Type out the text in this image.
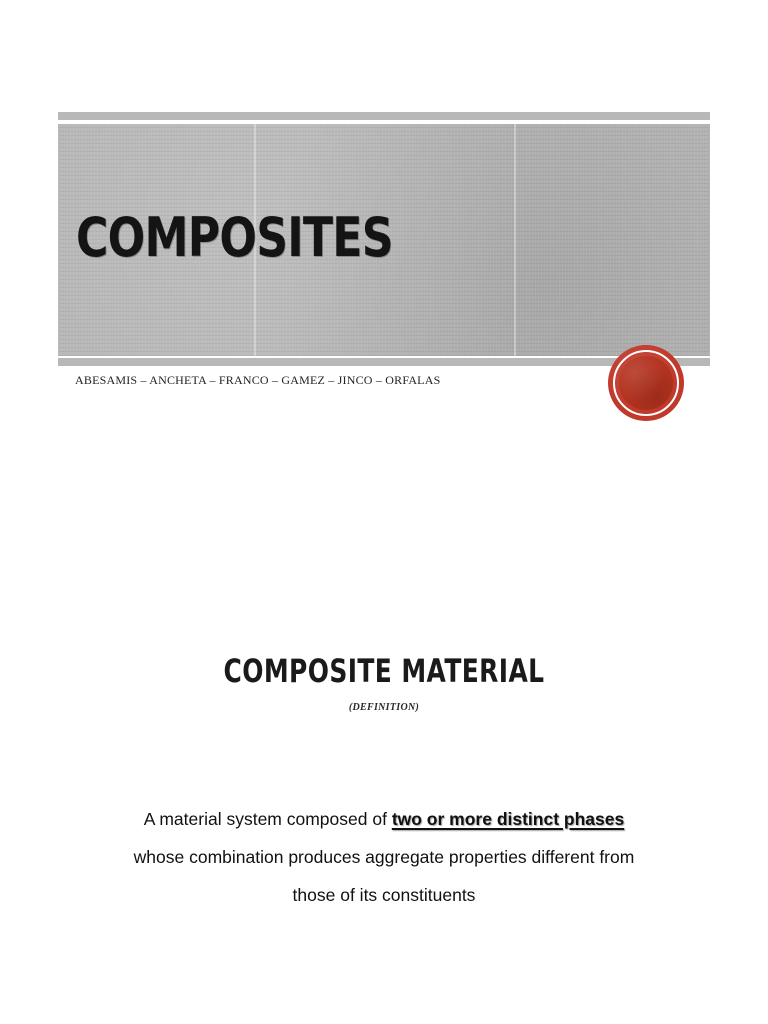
COMPOSITES

ABESAMIS – ANCHETA – FRANCO – GAMEZ – JINCO – ORFALAS

COMPOSITE MATERIAL

(DEFINITION)

A material system composed of two or more distinct phases
whose combination produces aggregate properties different from
those of its constituents
